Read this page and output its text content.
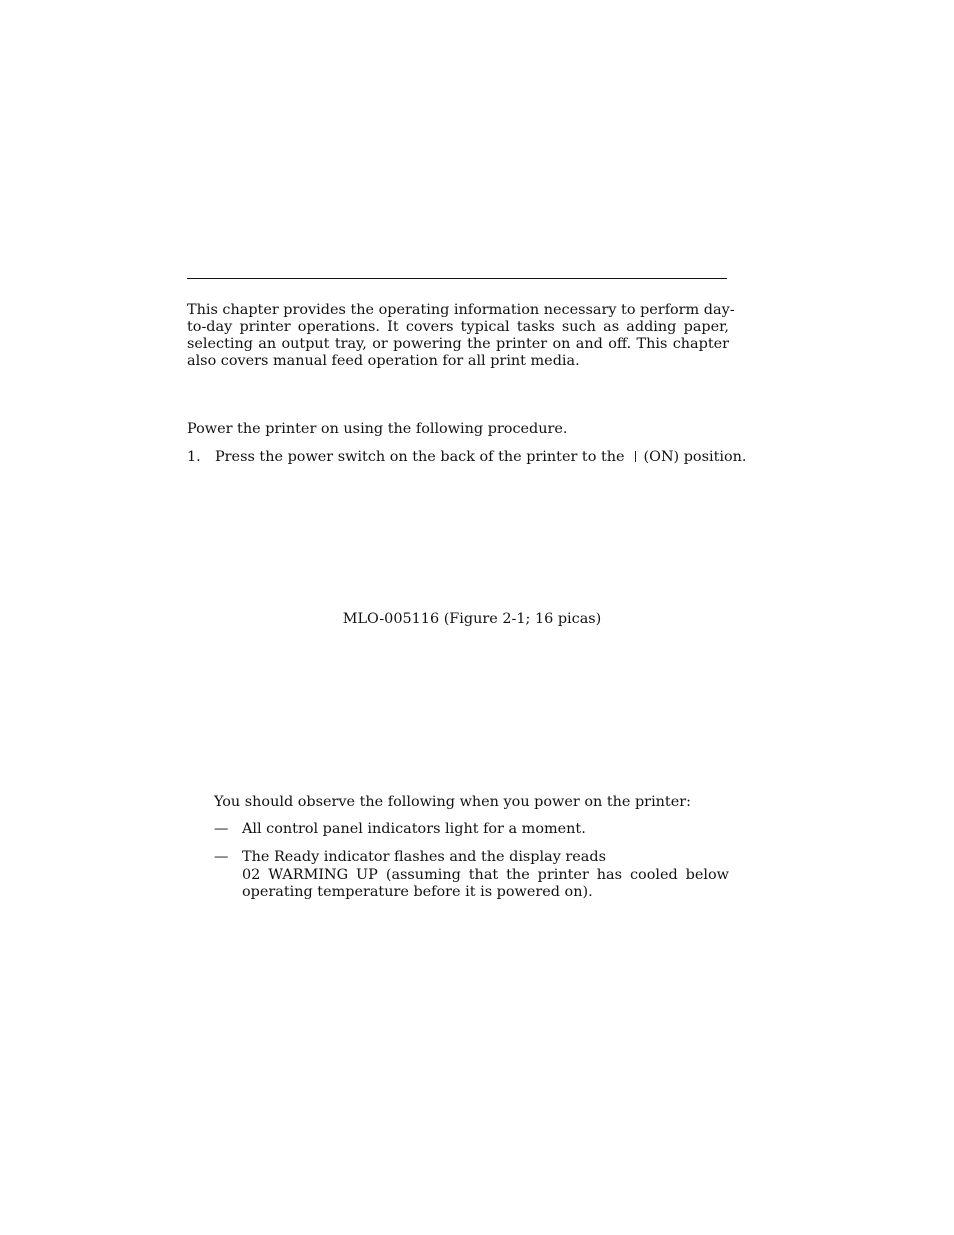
This chapter provides the operating information necessary to perform day-
to-day printer operations. It covers typical tasks such as adding paper,
selecting an output tray, or powering the printer on and off. This chapter
also covers manual feed operation for all print media.
Power the printer on using the following procedure.
1. Press the power switch on the back of the printer to the (ON) position.
MLO-005116 (Figure 2-1; 16 picas)
You should observe the following when you power on the printer:
— All control panel indicators light for a moment.
— The Ready indicator flashes and the display reads
02 WARMING UP (assuming that the printer has cooled below
operating temperature before it is powered on).
